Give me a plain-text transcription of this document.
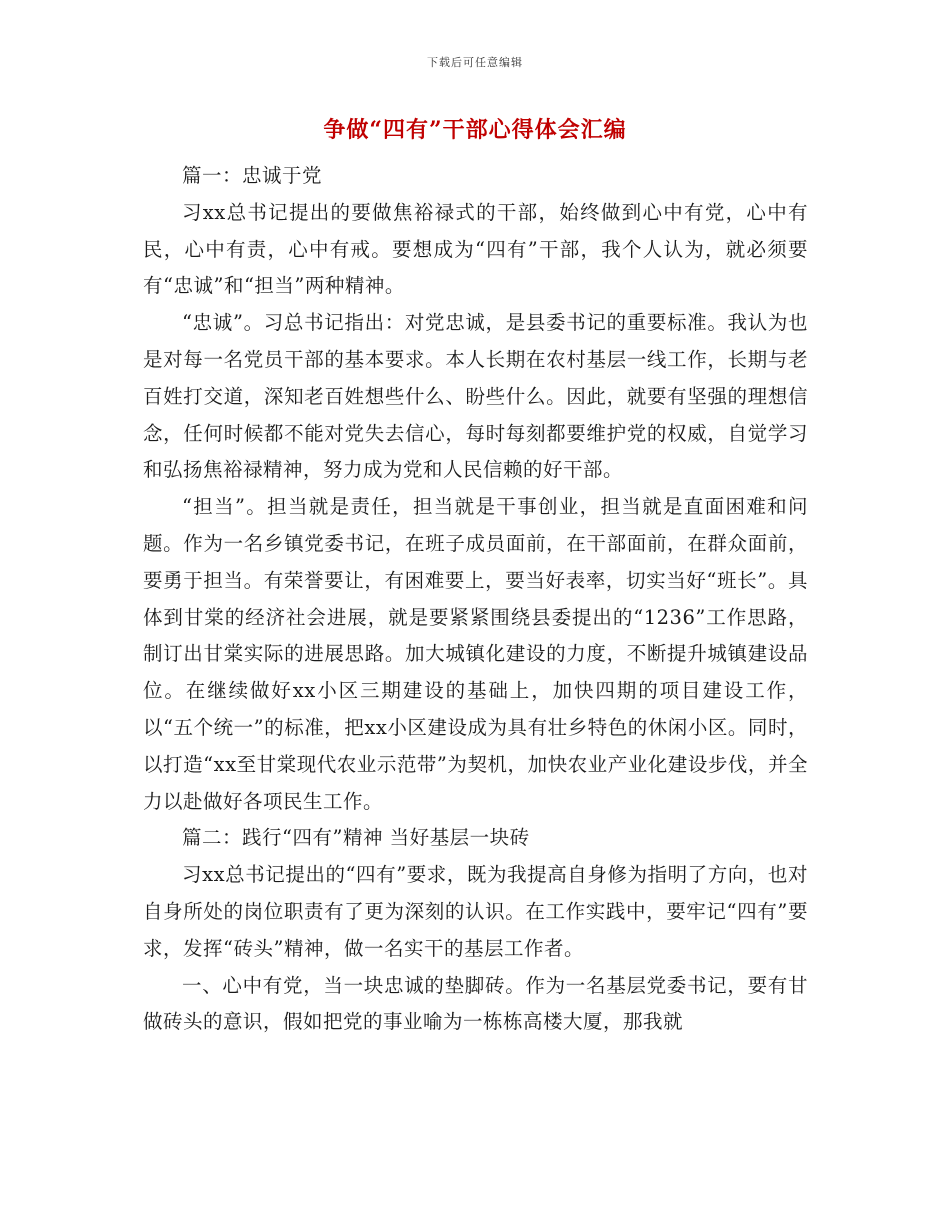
下载后可任意编辑
争做“四有”干部心得体会汇编

篇一：忠诚于党

习xx总书记提出的要做焦裕禄式的干部，始终做到心中有党，心中有民，心中有责，心中有戒。要想成为“四有”干部，我个人认为，就必须要有“忠诚”和“担当”两种精神。

“忠诚”。习总书记指出：对党忠诚，是县委书记的重要标准。我认为也是对每一名党员干部的基本要求。本人长期在农村基层一线工作，长期与老百姓打交道，深知老百姓想些什么、盼些什么。因此，就要有坚强的理想信念，任何时候都不能对党失去信心，每时每刻都要维护党的权威，自觉学习和弘扬焦裕禄精神，努力成为党和人民信赖的好干部。

“担当”。担当就是责任，担当就是干事创业，担当就是直面困难和问题。作为一名乡镇党委书记，在班子成员面前，在干部面前，在群众面前，要勇于担当。有荣誉要让，有困难要上，要当好表率，切实当好“班长”。具体到甘棠的经济社会进展，就是要紧紧围绕县委提出的“1236”工作思路，制订出甘棠实际的进展思路。加大城镇化建设的力度，不断提升城镇建设品位。在继续做好xx小区三期建设的基础上，加快四期的项目建设工作，以“五个统一”的标准，把xx小区建设成为具有壮乡特色的休闲小区。同时，以打造“xx至甘棠现代农业示范带”为契机，加快农业产业化建设步伐，并全力以赴做好各项民生工作。

篇二：践行“四有”精神 当好基层一块砖

习xx总书记提出的“四有”要求，既为我提高自身修为指明了方向，也对自身所处的岗位职责有了更为深刻的认识。在工作实践中，要牢记“四有”要求，发挥“砖头”精神，做一名实干的基层工作者。

一、心中有党，当一块忠诚的垫脚砖。作为一名基层党委书记，要有甘做砖头的意识，假如把党的事业喻为一栋栋高楼大厦，那我就
